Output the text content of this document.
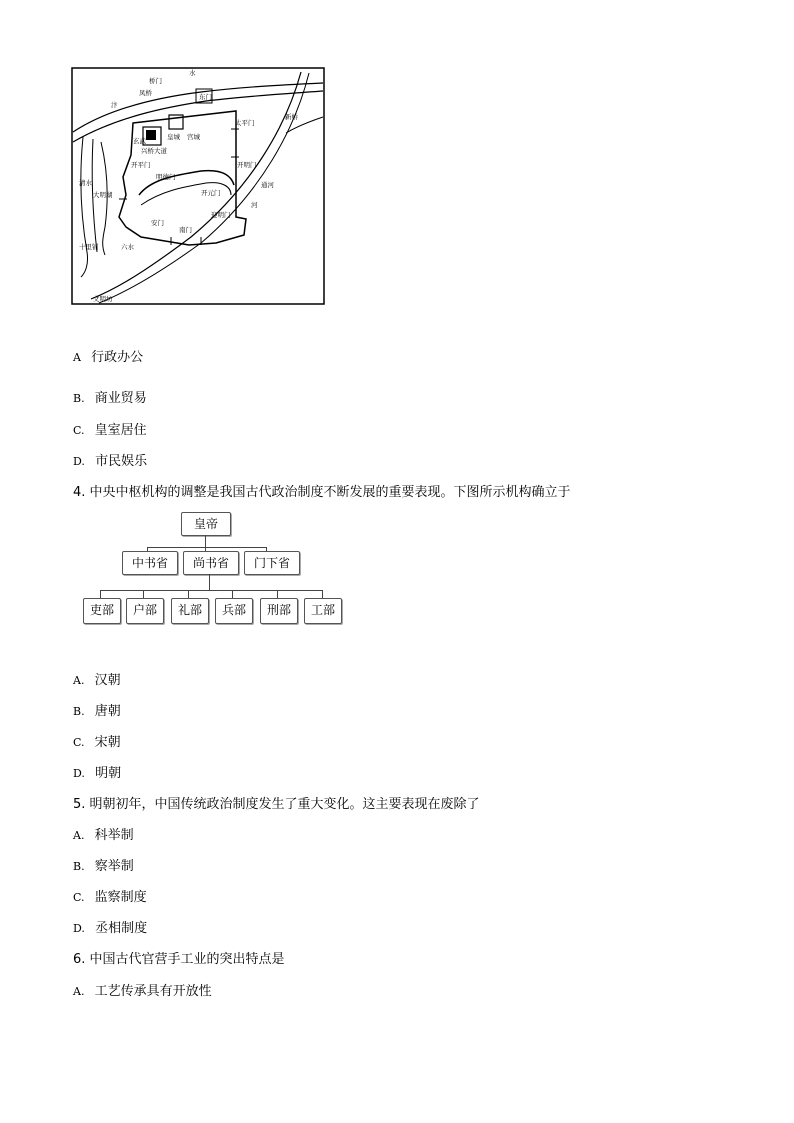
水
汴
桥门
凤桥	东门
玄武
兴桥大道
皇城 宫城
明德门
清水
大明湖
太平门
开元门
安门
南门
开明门
新桥
河
十里铺
文明坊
通河
六水
开平门
迎明门
A 行政办公
B. 商业贸易
C. 皇室居住
D. 市民娱乐
4. 中央中枢机构的调整是我国古代政治制度不断发展的重要表现。下图所示机构确立于
皇帝
中书省	尚书省	门下省
吏部	户部	礼部	兵部	刑部	工部
A. 汉朝
B. 唐朝
C. 宋朝
D. 明朝
5. 明朝初年，中国传统政治制度发生了重大变化。这主要表现在废除了
A. 科举制
B. 察举制
C. 监察制度
D. 丞相制度
6. 中国古代官营手工业的突出特点是
A. 工艺传承具有开放性
